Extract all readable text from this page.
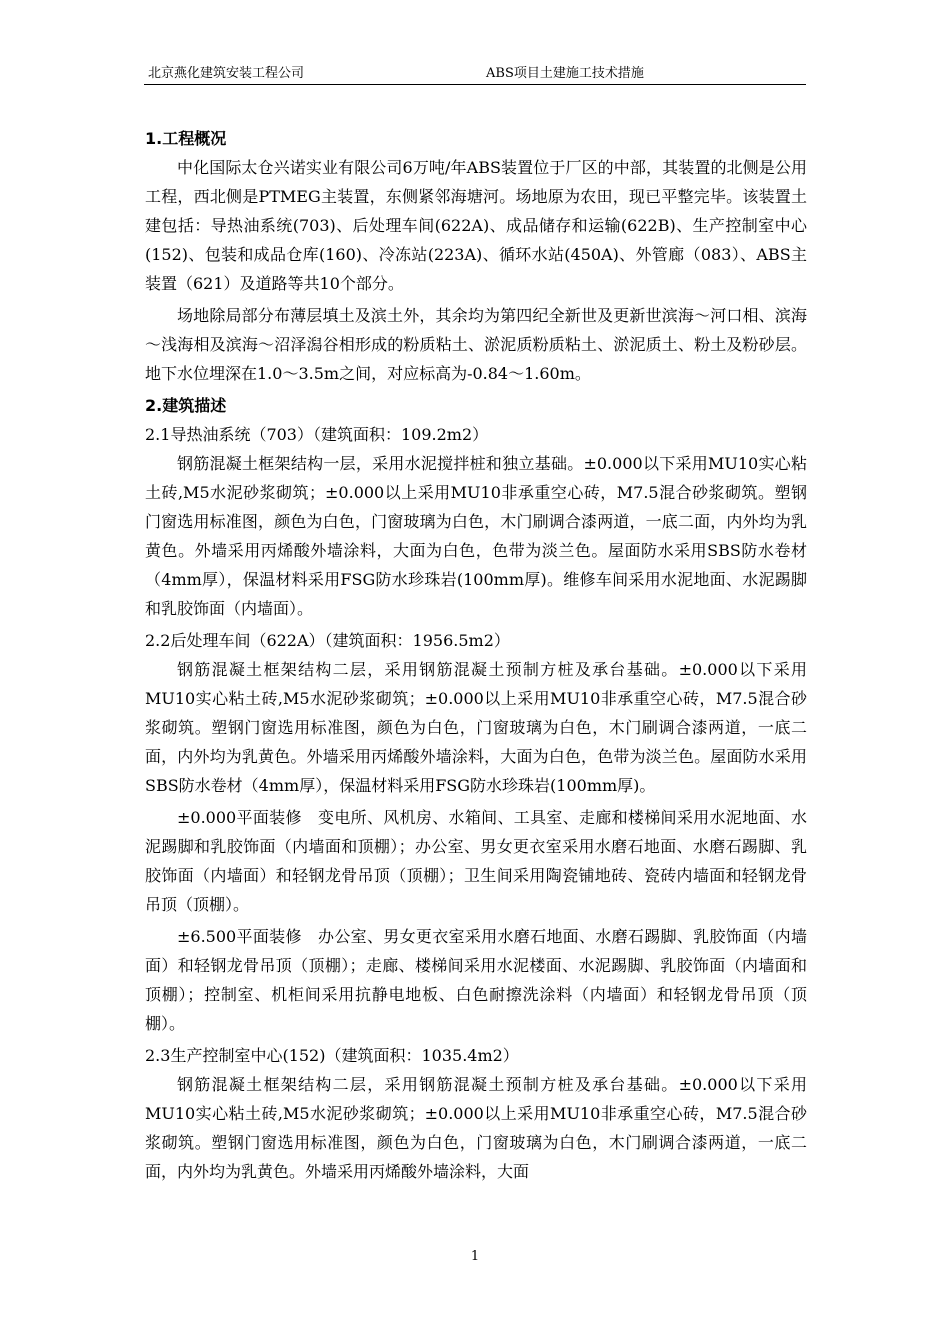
北京燕化建筑安装工程公司	ABS项目土建施工技术措施

1.工程概况

中化国际太仓兴诺实业有限公司6万吨/年ABS装置位于厂区的中部，其装置的北侧是公用工程，西北侧是PTMEG主装置，东侧紧邻海塘河。场地原为农田，现已平整完毕。该装置土建包括：导热油系统(703)、后处理车间(622A)、成品储存和运输(622B)、生产控制室中心(152)、包装和成品仓库(160)、冷冻站(223A)、循环水站(450A)、外管廊（083）、ABS主装置（621）及道路等共10个部分。

场地除局部分布薄层填土及滨土外，其余均为第四纪全新世及更新世滨海～河口相、滨海～浅海相及滨海～沼泽潟谷相形成的粉质粘土、淤泥质粉质粘土、淤泥质土、粉土及粉砂层。地下水位埋深在1.0～3.5m之间，对应标高为-0.84～1.60m。

2.建筑描述

2.1导热油系统（703）（建筑面积：109.2m2）

钢筋混凝土框架结构一层，采用水泥搅拌桩和独立基础。±0.000以下采用MU10实心粘土砖,M5水泥砂浆砌筑；±0.000以上采用MU10非承重空心砖，M7.5混合砂浆砌筑。塑钢门窗选用标准图，颜色为白色，门窗玻璃为白色，木门刷调合漆两道，一底二面，内外均为乳黄色。外墙采用丙烯酸外墙涂料，大面为白色，色带为淡兰色。屋面防水采用SBS防水卷材（4mm厚），保温材料采用FSG防水珍珠岩(100mm厚)。维修车间采用水泥地面、水泥踢脚和乳胶饰面（内墙面）。

2.2后处理车间（622A）（建筑面积：1956.5m2）

钢筋混凝土框架结构二层，采用钢筋混凝土预制方桩及承台基础。±0.000以下采用MU10实心粘土砖,M5水泥砂浆砌筑；±0.000以上采用MU10非承重空心砖，M7.5混合砂浆砌筑。塑钢门窗选用标准图，颜色为白色，门窗玻璃为白色，木门刷调合漆两道，一底二面，内外均为乳黄色。外墙采用丙烯酸外墙涂料，大面为白色，色带为淡兰色。屋面防水采用SBS防水卷材（4mm厚），保温材料采用FSG防水珍珠岩(100mm厚)。

±0.000平面装修　变电所、风机房、水箱间、工具室、走廊和楼梯间采用水泥地面、水泥踢脚和乳胶饰面（内墙面和顶棚）；办公室、男女更衣室采用水磨石地面、水磨石踢脚、乳胶饰面（内墙面）和轻钢龙骨吊顶（顶棚）；卫生间采用陶瓷铺地砖、瓷砖内墙面和轻钢龙骨吊顶（顶棚）。

±6.500平面装修　办公室、男女更衣室采用水磨石地面、水磨石踢脚、乳胶饰面（内墙面）和轻钢龙骨吊顶（顶棚）；走廊、楼梯间采用水泥楼面、水泥踢脚、乳胶饰面（内墙面和顶棚）；控制室、机柜间采用抗静电地板、白色耐擦洗涂料（内墙面）和轻钢龙骨吊顶（顶棚）。

2.3生产控制室中心(152)（建筑面积：1035.4m2）

钢筋混凝土框架结构二层，采用钢筋混凝土预制方桩及承台基础。±0.000以下采用MU10实心粘土砖,M5水泥砂浆砌筑；±0.000以上采用MU10非承重空心砖，M7.5混合砂浆砌筑。塑钢门窗选用标准图，颜色为白色，门窗玻璃为白色，木门刷调合漆两道，一底二面，内外均为乳黄色。外墙采用丙烯酸外墙涂料，大面

1
